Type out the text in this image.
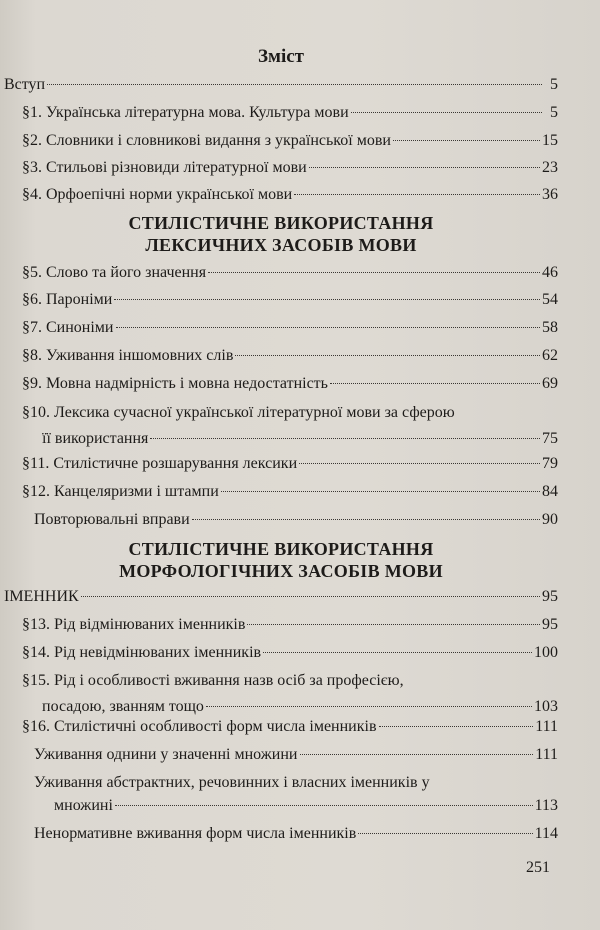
Зміст
СТИЛІСТИЧНЕ ВИКОРИСТАННЯ
ЛЕКСИЧНИХ ЗАСОБІВ МОВИ
СТИЛІСТИЧНЕ ВИКОРИСТАННЯ
МОРФОЛОГІЧНИХ ЗАСОБІВ МОВИ
Вступ	5
§1. Українська літературна мова. Культура мови	5
§2. Словники і словникові видання з української мови	15
§3. Стильові різновиди літературної мови	23
§4. Орфоепічні норми української мови	36
§5. Слово та його значення	46
§6. Пароніми	54
§7. Синоніми	58
§8. Уживання іншомовних слів	62
§9. Мовна надмірність і мовна недостатність	69
§10. Лексика сучасної української літературної мови за сферою
її використання	75
§11. Стилістичне розшарування лексики	79
§12. Канцеляризми і штампи	84
Повторювальні вправи	90
ІМЕННИК	95
§13. Рід відмінюваних іменників	95
§14. Рід невідмінюваних іменників	100
§15. Рід і особливості вживання назв осіб за професією,
посадою, званням тощо	103
§16. Стилістичні особливості форм числа іменників	111
Уживання однини у значенні множини	111
Уживання абстрактних, речовинних і власних іменників у
множині	113
Ненормативне вживання форм числа іменників	114
251
